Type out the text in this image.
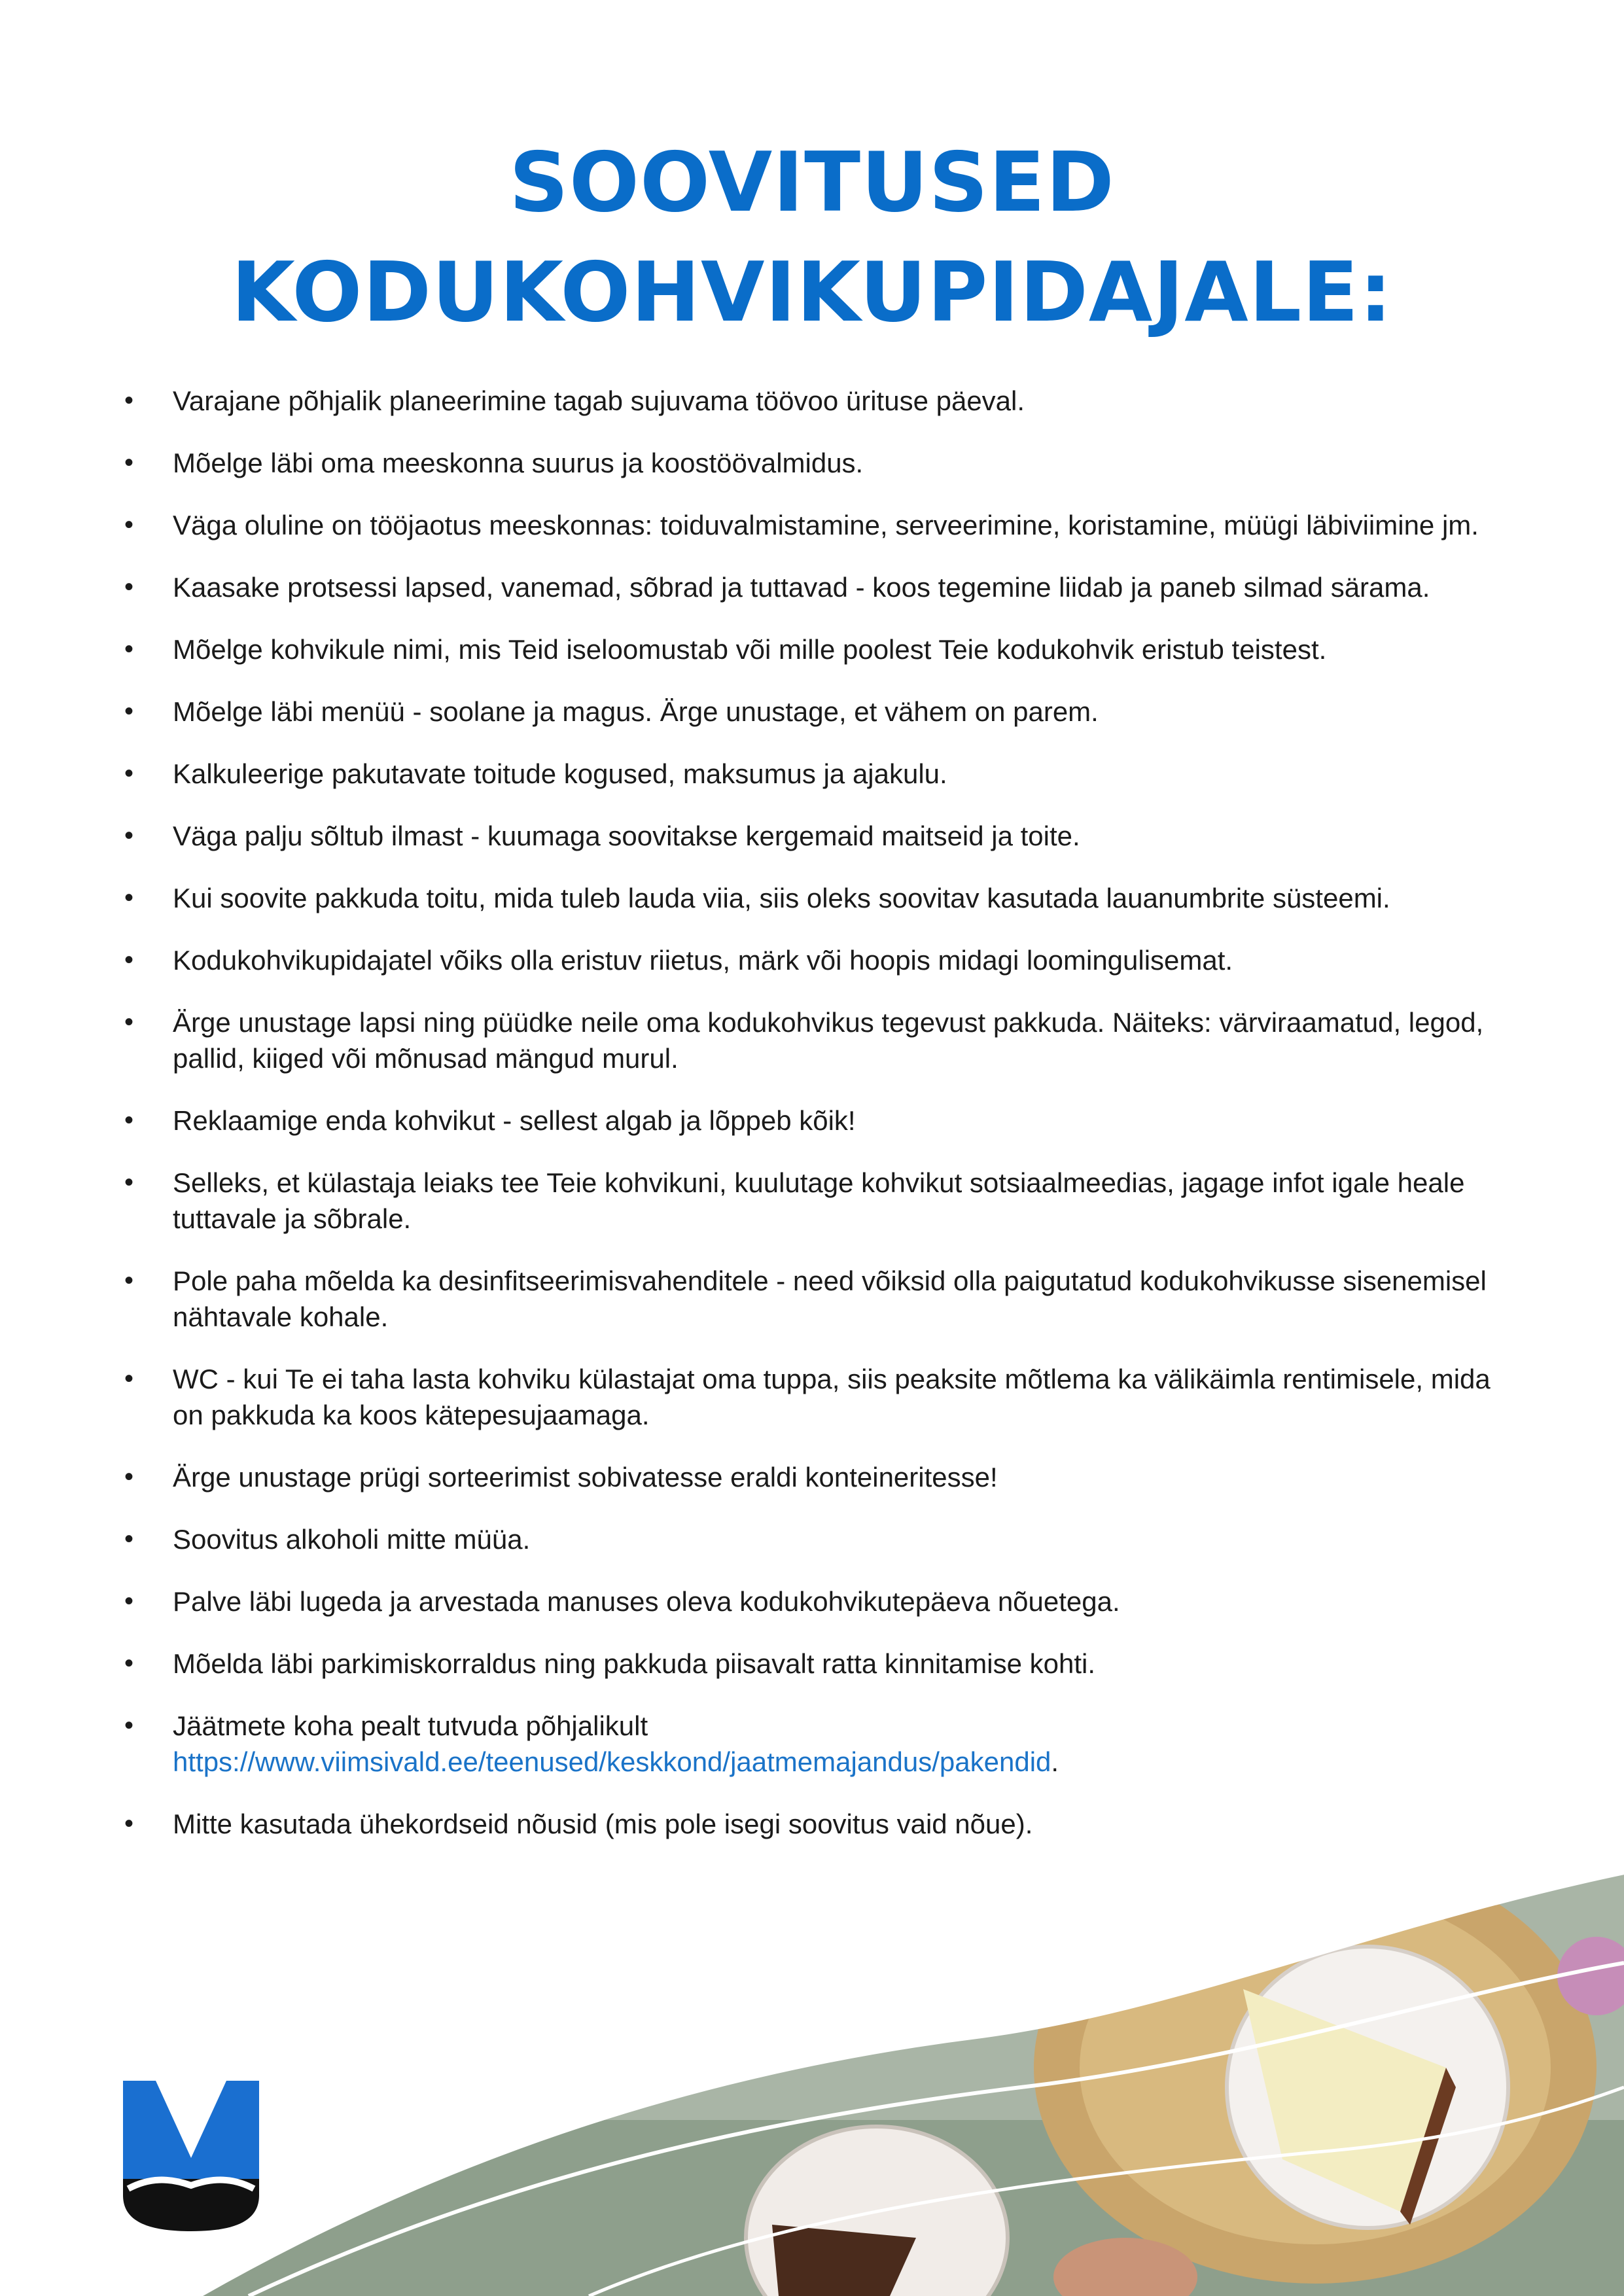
SOOVITUSED
KODUKOHVIKUPIDAJALE:
•	Varajane põhjalik planeerimine tagab sujuvama töövoo ürituse päeval.
•	Mõelge läbi oma meeskonna suurus ja koostöövalmidus.
•	Väga oluline on tööjaotus meeskonnas: toiduvalmistamine, serveerimine, koristamine, müügi läbiviimine jm.
•	Kaasake protsessi lapsed, vanemad, sõbrad ja tuttavad - koos tegemine liidab ja paneb silmad särama.
•	Mõelge kohvikule nimi, mis Teid iseloomustab või mille poolest Teie kodukohvik eristub teistest.
•	Mõelge läbi menüü - soolane ja magus. Ärge unustage, et vähem on parem.
•	Kalkuleerige pakutavate toitude kogused, maksumus ja ajakulu.
•	Väga palju sõltub ilmast - kuumaga soovitakse kergemaid maitseid ja toite.
•	Kui soovite pakkuda toitu, mida tuleb lauda viia, siis oleks soovitav kasutada lauanumbrite süsteemi.
•	Kodukohvikupidajatel võiks olla eristuv riietus, märk või hoopis midagi loomingulisemat.
•	Ärge unustage lapsi ning püüdke neile oma kodukohvikus tegevust pakkuda. Näiteks: värviraamatud, legod, pallid, kiiged või mõnusad mängud murul.
•	Reklaamige enda kohvikut - sellest algab ja lõppeb kõik!
•	Selleks, et külastaja leiaks tee Teie kohvikuni, kuulutage kohvikut sotsiaalmeedias, jagage infot igale heale tuttavale ja sõbrale.
•	Pole paha mõelda ka desinfitseerimisvahenditele - need võiksid olla paigutatud kodukohvikusse sisenemisel nähtavale kohale.
•	WC - kui Te ei taha lasta kohviku külastajat oma tuppa, siis peaksite mõtlema ka välikäimla rentimisele, mida on pakkuda ka koos kätepesujaamaga.
•	Ärge unustage prügi sorteerimist sobivatesse eraldi konteineritesse!
•	Soovitus alkoholi mitte müüa.
•	Palve läbi lugeda ja arvestada manuses oleva kodukohvikutepäeva nõuetega.
•	Mõelda läbi parkimiskorraldus ning pakkuda piisavalt ratta kinnitamise kohti.
•	Jäätmete koha pealt tutvuda põhjalikult
https://www.viimsivald.ee/teenused/keskkond/jaatmemajandus/pakendid.
•	Mitte kasutada ühekordseid nõusid (mis pole isegi soovitus vaid nõue).
